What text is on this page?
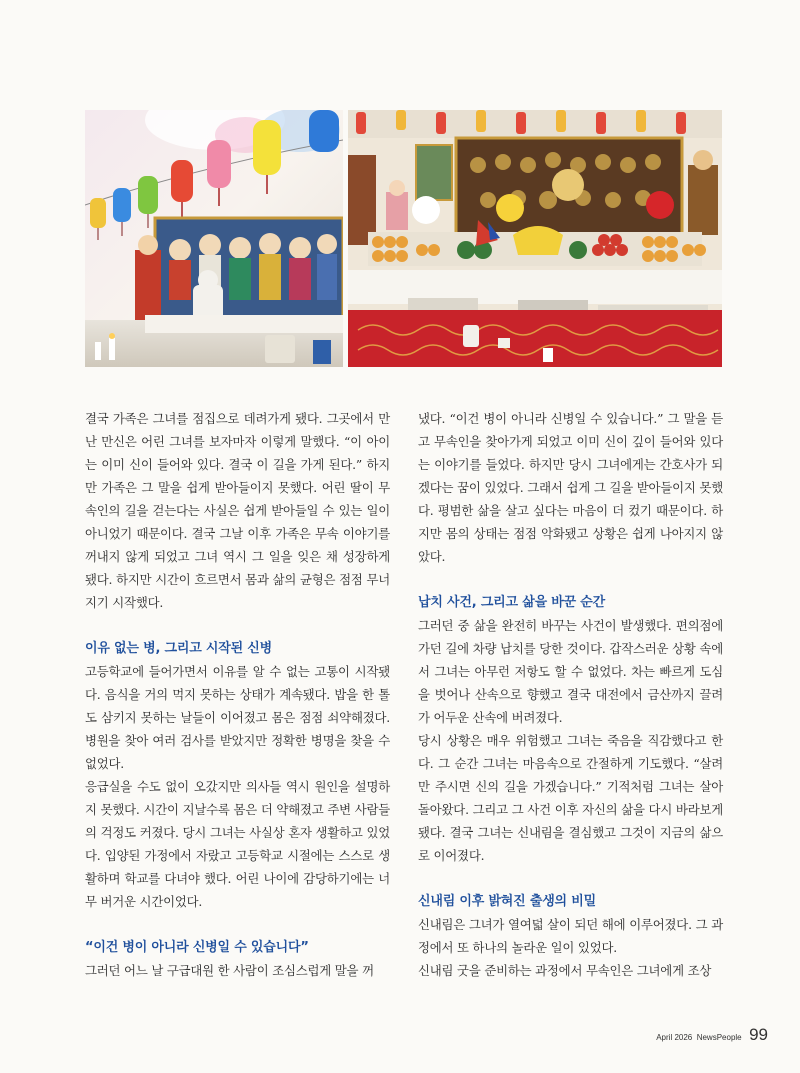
결국 가족은 그녀를 점집으로 데려가게 됐다. 그곳에서 만난 만신은 어린 그녀를 보자마자 이렇게 말했다. “이 아이는 이미 신이 들어와 있다. 결국 이 길을 가게 된다.” 하지만 가족은 그 말을 쉽게 받아들이지 못했다. 어린 딸이 무속인의 길을 걷는다는 사실은 쉽게 받아들일 수 있는 일이 아니었기 때문이다. 결국 그날 이후 가족은 무속 이야기를 꺼내지 않게 되었고 그녀 역시 그 일을 잊은 채 성장하게 됐다. 하지만 시간이 흐르면서 몸과 삶의 균형은 점점 무너지기 시작했다.

이유 없는 병, 그리고 시작된 신병

고등학교에 들어가면서 이유를 알 수 없는 고통이 시작됐다. 음식을 거의 먹지 못하는 상태가 계속됐다. 밥을 한 톨도 삼키지 못하는 날들이 이어졌고 몸은 점점 쇠약해졌다. 병원을 찾아 여러 검사를 받았지만 정확한 병명을 찾을 수 없었다.

응급실을 수도 없이 오갔지만 의사들 역시 원인을 설명하지 못했다. 시간이 지날수록 몸은 더 약해졌고 주변 사람들의 걱정도 커졌다. 당시 그녀는 사실상 혼자 생활하고 있었다. 입양된 가정에서 자랐고 고등학교 시절에는 스스로 생활하며 학교를 다녀야 했다. 어린 나이에 감당하기에는 너무 버거운 시간이었다.

“이건 병이 아니라 신병일 수 있습니다”

그러던 어느 날 구급대원 한 사람이 조심스럽게 말을 꺼

냈다. “이건 병이 아니라 신병일 수 있습니다.” 그 말을 듣고 무속인을 찾아가게 되었고 이미 신이 깊이 들어와 있다는 이야기를 들었다. 하지만 당시 그녀에게는 간호사가 되겠다는 꿈이 있었다. 그래서 쉽게 그 길을 받아들이지 못했다. 평범한 삶을 살고 싶다는 마음이 더 컸기 때문이다. 하지만 몸의 상태는 점점 악화됐고 상황은 쉽게 나아지지 않았다.

납치 사건, 그리고 삶을 바꾼 순간

그러던 중 삶을 완전히 바꾸는 사건이 발생했다. 편의점에 가던 길에 차량 납치를 당한 것이다. 갑작스러운 상황 속에서 그녀는 아무런 저항도 할 수 없었다. 차는 빠르게 도심을 벗어나 산속으로 향했고 결국 대전에서 금산까지 끌려가 어두운 산속에 버려졌다.

당시 상황은 매우 위험했고 그녀는 죽음을 직감했다고 한다. 그 순간 그녀는 마음속으로 간절하게 기도했다. “살려만 주시면 신의 길을 가겠습니다.” 기적처럼 그녀는 살아 돌아왔다. 그리고 그 사건 이후 자신의 삶을 다시 바라보게 됐다. 결국 그녀는 신내림을 결심했고 그것이 지금의 삶으로 이어졌다.

신내림 이후 밝혀진 출생의 비밀

신내림은 그녀가 열여덟 살이 되던 해에 이루어졌다. 그 과정에서 또 하나의 놀라운 일이 있었다.

신내림 굿을 준비하는 과정에서 무속인은 그녀에게 조상

April 2026 NewsPeople 99
